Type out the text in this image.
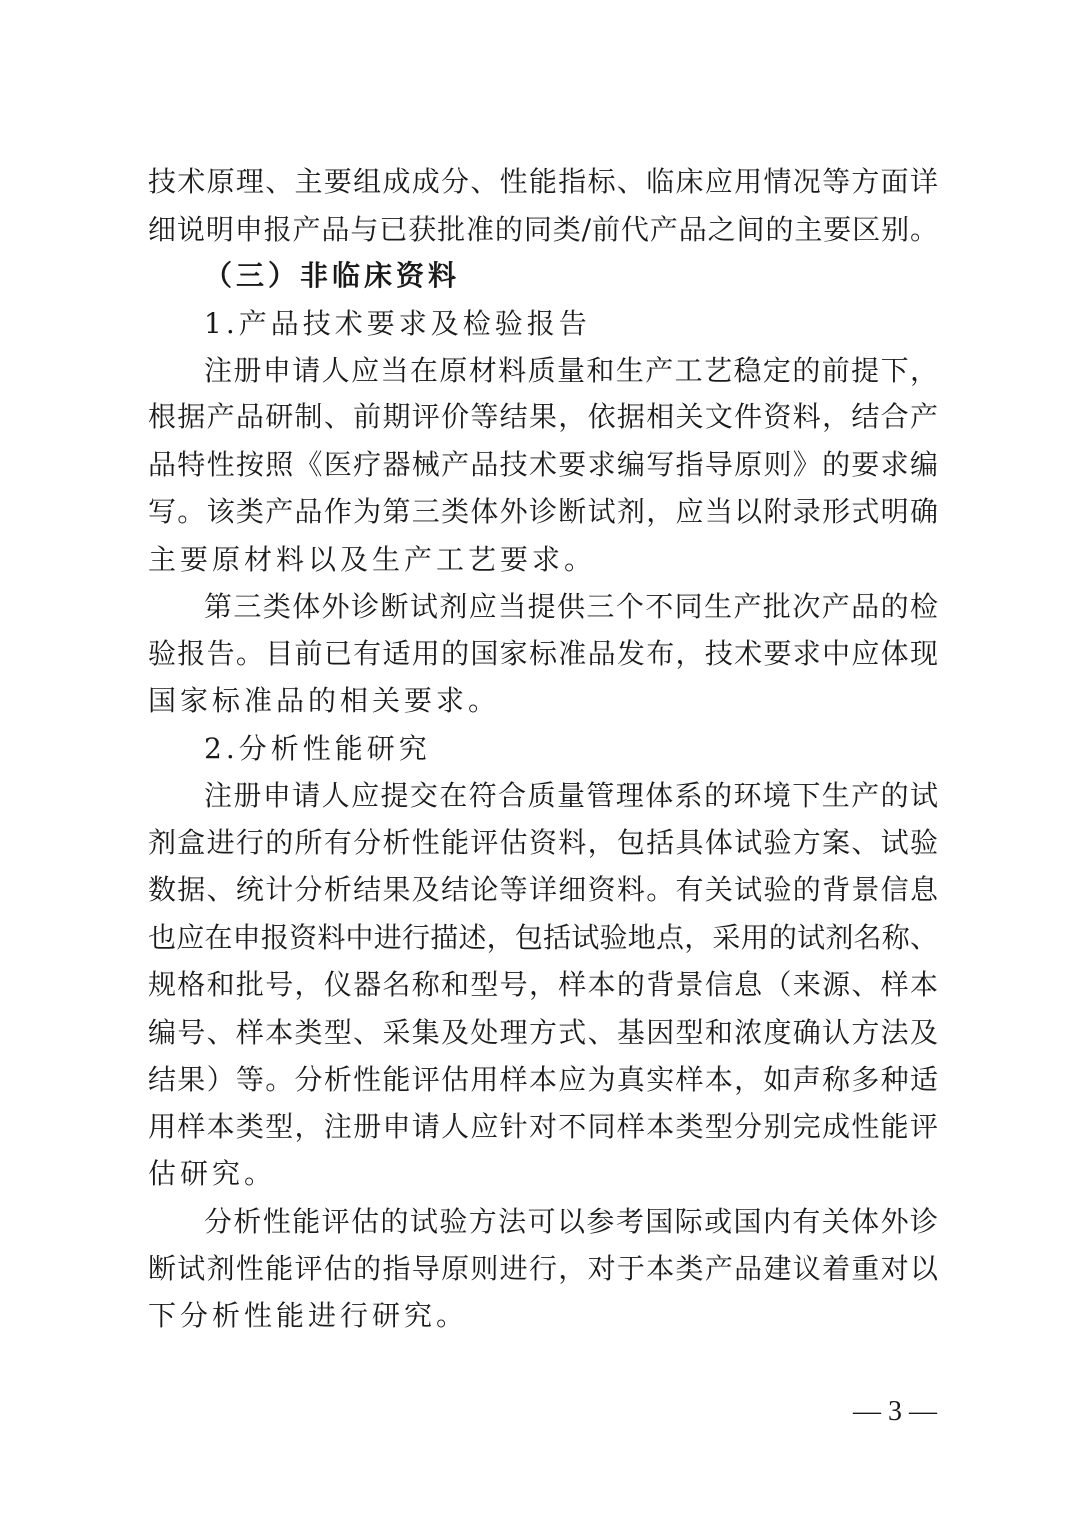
技术原理、主要组成成分、性能指标、临床应用情况等方面详
细说明申报产品与已获批准的同类/前代产品之间的主要区别。
（三）非临床资料
1.产品技术要求及检验报告
注册申请人应当在原材料质量和生产工艺稳定的前提下，
根据产品研制、前期评价等结果，依据相关文件资料，结合产
品特性按照《医疗器械产品技术要求编写指导原则》的要求编
写。该类产品作为第三类体外诊断试剂，应当以附录形式明确
主要原材料以及生产工艺要求。
第三类体外诊断试剂应当提供三个不同生产批次产品的检
验报告。目前已有适用的国家标准品发布，技术要求中应体现
国家标准品的相关要求。
2.分析性能研究
注册申请人应提交在符合质量管理体系的环境下生产的试
剂盒进行的所有分析性能评估资料，包括具体试验方案、试验
数据、统计分析结果及结论等详细资料。有关试验的背景信息
也应在申报资料中进行描述，包括试验地点，采用的试剂名称、
规格和批号，仪器名称和型号，样本的背景信息（来源、样本
编号、样本类型、采集及处理方式、基因型和浓度确认方法及
结果）等。分析性能评估用样本应为真实样本，如声称多种适
用样本类型，注册申请人应针对不同样本类型分别完成性能评
估研究。
分析性能评估的试验方法可以参考国际或国内有关体外诊
断试剂性能评估的指导原则进行，对于本类产品建议着重对以
下分析性能进行研究。
— 3 —
